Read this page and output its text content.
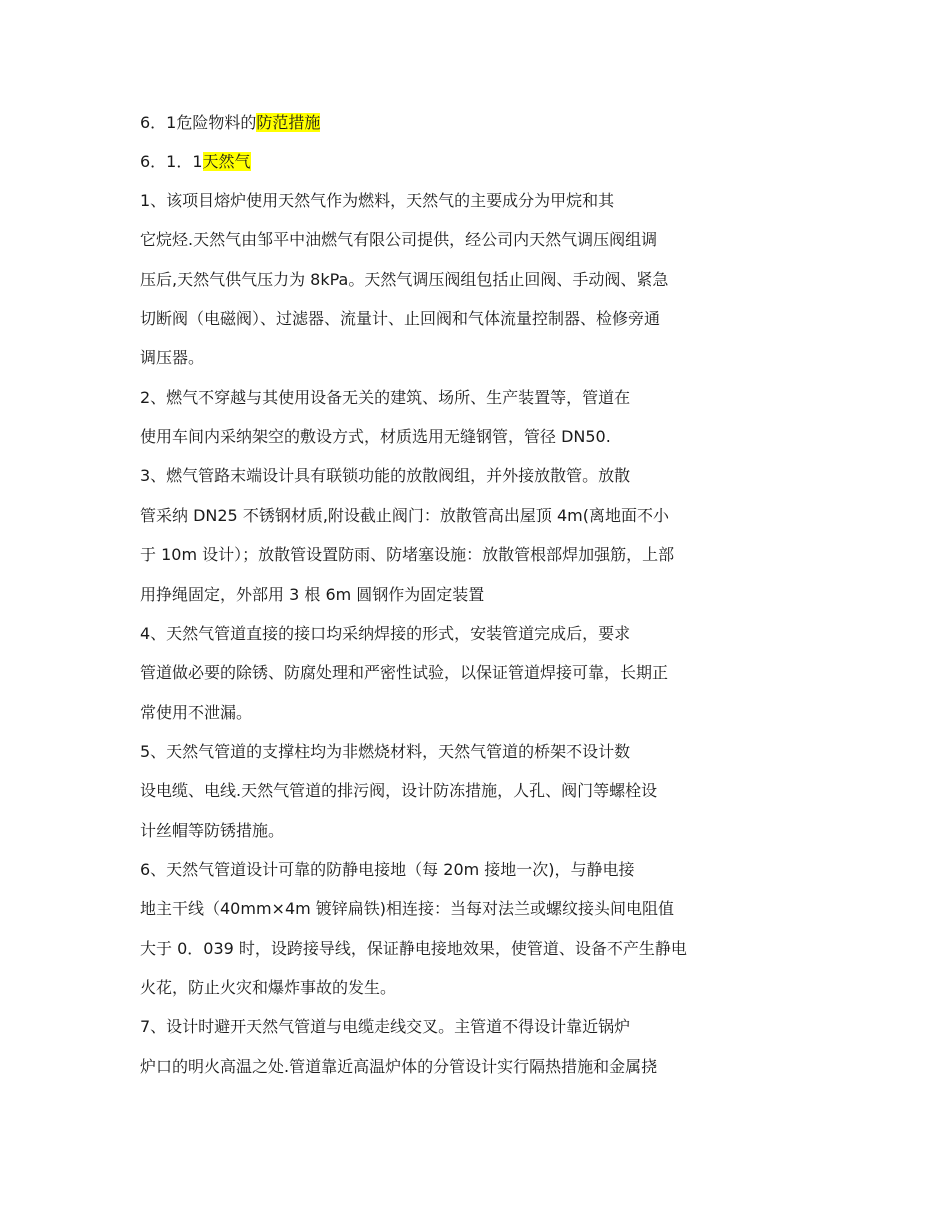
6．1危险物料的防范措施
6．1．1天然气
1、该项目熔炉使用天然气作为燃料，天然气的主要成分为甲烷和其
它烷烃.天然气由邹平中油燃气有限公司提供，经公司内天然气调压阀组调
压后,天然气供气压力为 8kPa。天然气调压阀组包括止回阀、手动阀、紧急
切断阀（电磁阀）、过滤器、流量计、止回阀和气体流量控制器、检修旁通
调压器。
2、燃气不穿越与其使用设备无关的建筑、场所、生产装置等，管道在
使用车间内采纳架空的敷设方式，材质选用无缝钢管，管径 DN50.
3、燃气管路末端设计具有联锁功能的放散阀组，并外接放散管。放散
管采纳 DN25 不锈钢材质,附设截止阀门：放散管高出屋顶 4m(离地面不小
于 10m 设计）；放散管设置防雨、防堵塞设施：放散管根部焊加强筋，上部
用挣绳固定，外部用 3 根 6m 圆钢作为固定装置
4、天然气管道直接的接口均采纳焊接的形式，安装管道完成后，要求
管道做必要的除锈、防腐处理和严密性试验，以保证管道焊接可靠，长期正
常使用不泄漏。
5、天然气管道的支撑柱均为非燃烧材料，天然气管道的桥架不设计数
设电缆、电线.天然气管道的排污阀，设计防冻措施，人孔、阀门等螺栓设
计丝帽等防锈措施。
6、天然气管道设计可靠的防静电接地（每 20m 接地一次)，与静电接
地主干线（40mm×4m 镀锌扁铁)相连接：当每对法兰或螺纹接头间电阻值
大于 0．039 时，设跨接导线，保证静电接地效果，使管道、设备不产生静电
火花，防止火灾和爆炸事故的发生。
7、设计时避开天然气管道与电缆走线交叉。主管道不得设计靠近锅炉
炉口的明火高温之处.管道靠近高温炉体的分管设计实行隔热措施和金属挠
